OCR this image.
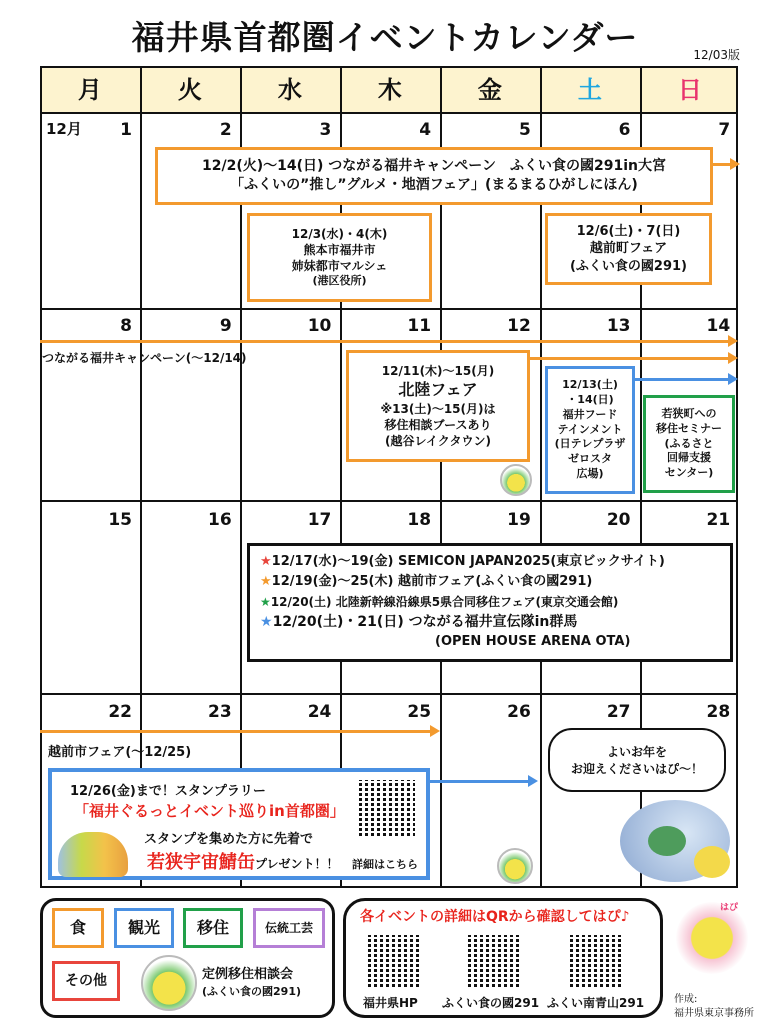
福井県首都圏イベントカレンダー	12/03版
月	火	水	木	金	土	日
1	2	3	4	5	6	7
8	9	10	11	12	13	14
15	16	17	18	19	20	21
22	23	24	25	26	27	28
12月
12/2(火)〜14(日) つながる福井キャンペーン　ふくい食の國291in大宮
「ふくいの”推し”グルメ・地酒フェア」(まるまるひがしにほん)
12/3(水)・4(木)
熊本市福井市
姉妹都市マルシェ
(港区役所)
12/6(土)・7(日)
越前町フェア
(ふくい食の國291)
つながる福井キャンペーン(〜12/14)
12/11(木)〜15(月)
北陸フェア
※13(土)〜15(月)は
移住相談ブースあり
(越谷レイクタウン)
12/13(土)
・14(日)
福井フード
テインメント
(日テレプラザ
ゼロスタ
広場)
若狭町への
移住セミナー
(ふるさと
回帰支援
センター)
★12/17(水)〜19(金) SEMICON JAPAN2025(東京ビックサイト)
★12/19(金)〜25(木) 越前市フェア(ふくい食の國291)
★12/20(土) 北陸新幹線沿線県5県合同移住フェア(東京交通会館)
★12/20(土)・21(日) つながる福井宣伝隊in群馬
(OPEN HOUSE ARENA OTA)
越前市フェア(〜12/25)
12/26(金)まで！スタンプラリー
「福井ぐるっとイベント巡りin首都圏」
スタンプを集めた方に先着で
若狭宇宙鯖缶プレゼント！！ 詳細はこちら
よいお年を
お迎えくださいはぴ〜！
食	観光	移住	伝統工芸
その他	定例移住相談会
(ふくい食の國291)
各イベントの詳細はQRから確認してはぴ♪
福井県HP ふくい食の國291 ふくい南青山291
はぴ
作成:
福井県東京事務所
